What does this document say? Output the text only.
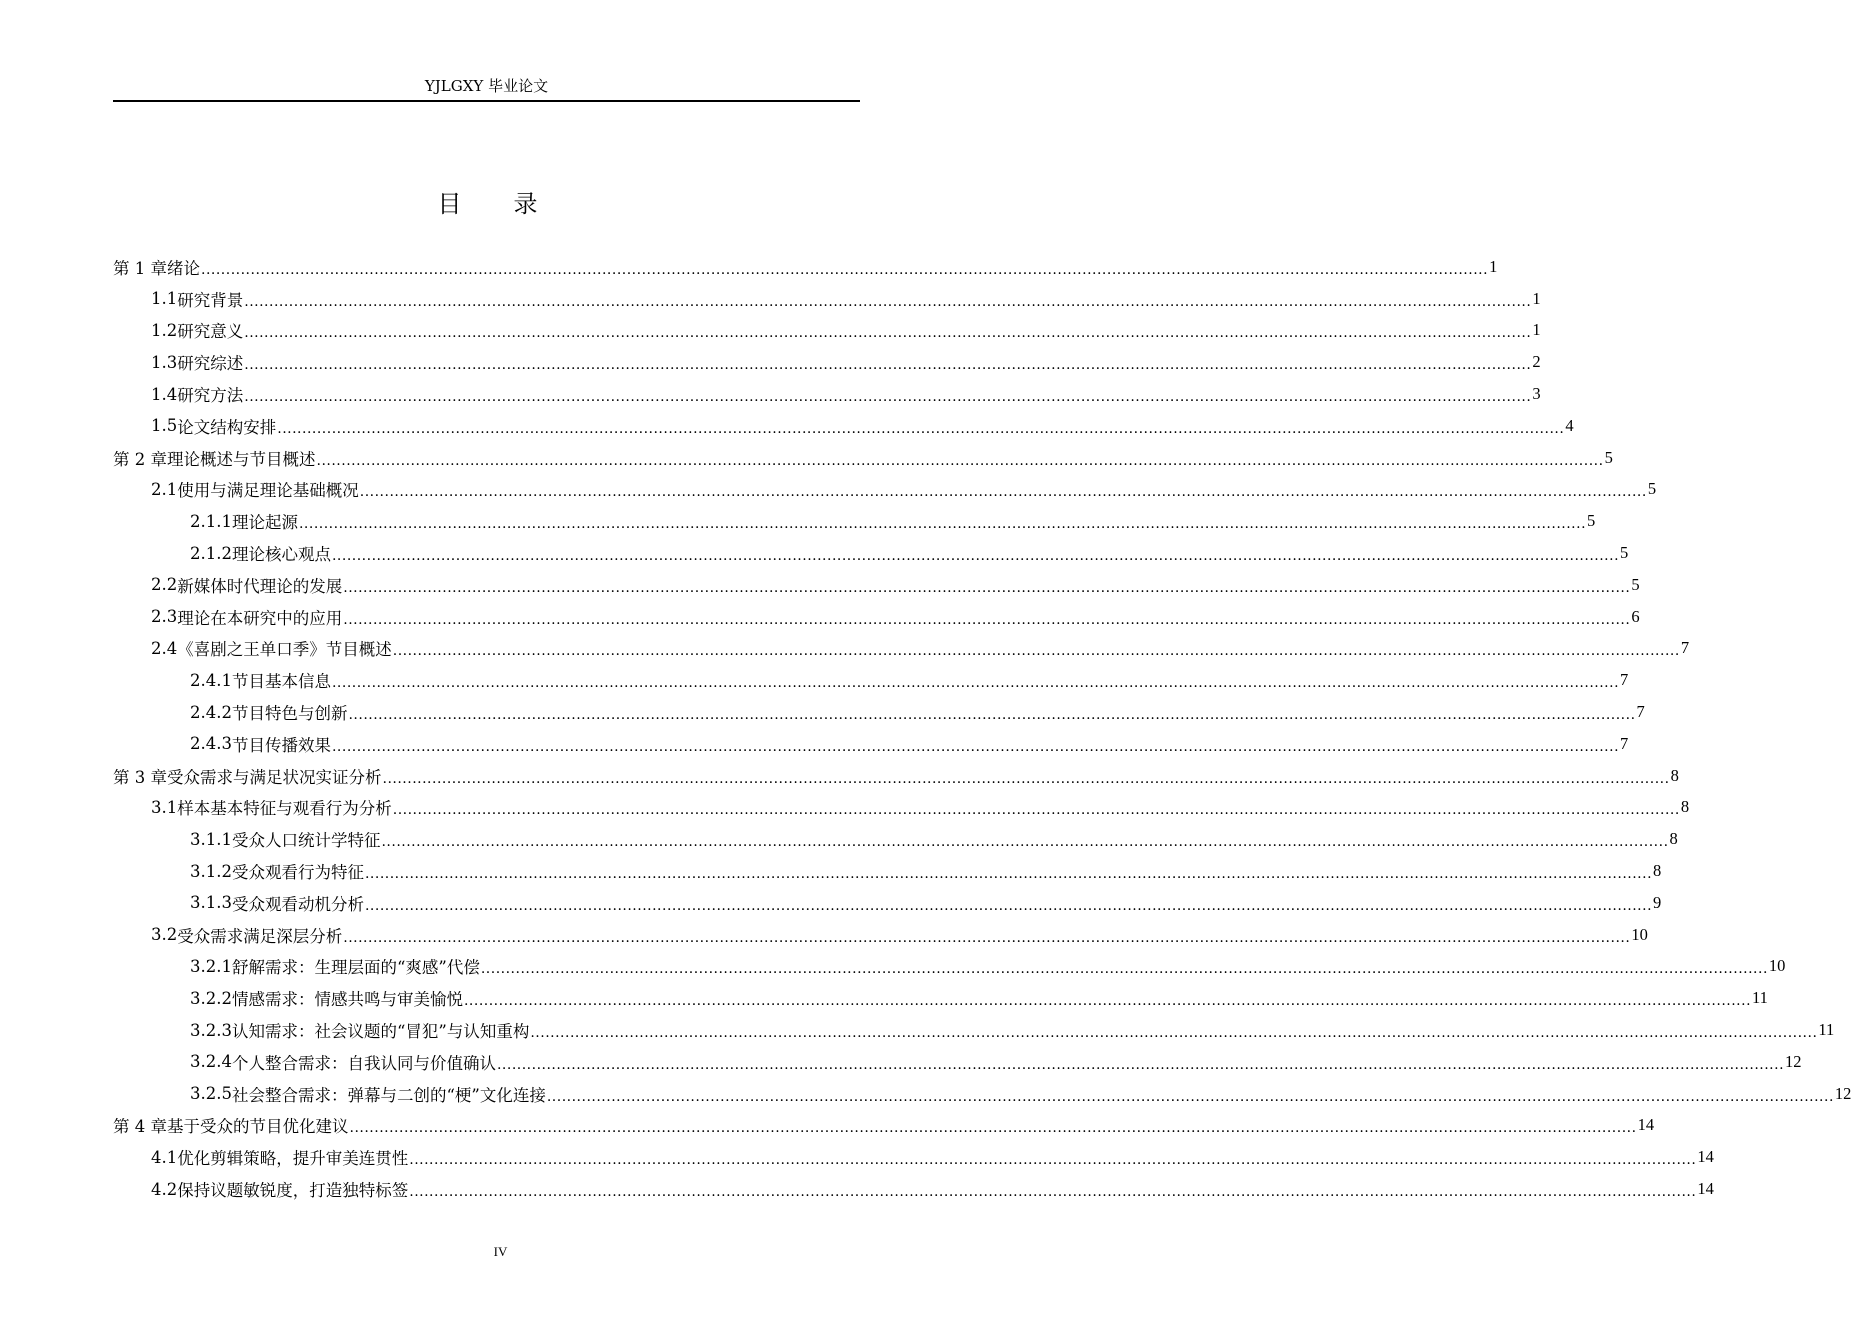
YJLGXY 毕业论文
目 录
第 1 章 绪论 .................................................................................................................................................................................................................................................................... 1
1.1 研究背景 .................................................................................................................................................................................................................................................................... 1
1.2 研究意义 .................................................................................................................................................................................................................................................................... 1
1.3 研究综述 .................................................................................................................................................................................................................................................................... 2
1.4 研究方法 .................................................................................................................................................................................................................................................................... 3
1.5 论文结构安排 .................................................................................................................................................................................................................................................................... 4
第 2 章 理论概述与节目概述 .................................................................................................................................................................................................................................................................... 5
2.1 使用与满足理论基础概况 .................................................................................................................................................................................................................................................................... 5
2.1.1 理论起源 .................................................................................................................................................................................................................................................................... 5
2.1.2 理论核心观点 .................................................................................................................................................................................................................................................................... 5
2.2 新媒体时代理论的发展 .................................................................................................................................................................................................................................................................... 5
2.3 理论在本研究中的应用 .................................................................................................................................................................................................................................................................... 6
2.4 《喜剧之王单口季》节目概述 .................................................................................................................................................................................................................................................................... 7
2.4.1 节目基本信息 .................................................................................................................................................................................................................................................................... 7
2.4.2 节目特色与创新 .................................................................................................................................................................................................................................................................... 7
2.4.3 节目传播效果 .................................................................................................................................................................................................................................................................... 7
第 3 章 受众需求与满足状况实证分析 .................................................................................................................................................................................................................................................................... 8
3.1 样本基本特征与观看行为分析 .................................................................................................................................................................................................................................................................... 8
3.1.1 受众人口统计学特征 .................................................................................................................................................................................................................................................................... 8
3.1.2 受众观看行为特征 .................................................................................................................................................................................................................................................................... 8
3.1.3 受众观看动机分析 .................................................................................................................................................................................................................................................................... 9
3.2 受众需求满足深层分析 .................................................................................................................................................................................................................................................................... 10
3.2.1 舒解需求：生理层面的“爽感”代偿 .................................................................................................................................................................................................................................................................... 10
3.2.2 情感需求：情感共鸣与审美愉悦 .................................................................................................................................................................................................................................................................... 11
3.2.3 认知需求：社会议题的“冒犯”与认知重构 .................................................................................................................................................................................................................................................................... 11
3.2.4 个人整合需求：自我认同与价值确认 .................................................................................................................................................................................................................................................................... 12
3.2.5 社会整合需求：弹幕与二创的“梗”文化连接 .................................................................................................................................................................................................................................................................... 12
第 4 章 基于受众的节目优化建议 .................................................................................................................................................................................................................................................................... 14
4.1 优化剪辑策略，提升审美连贯性 .................................................................................................................................................................................................................................................................... 14
4.2 保持议题敏锐度，打造独特标签 .................................................................................................................................................................................................................................................................... 14
IV
